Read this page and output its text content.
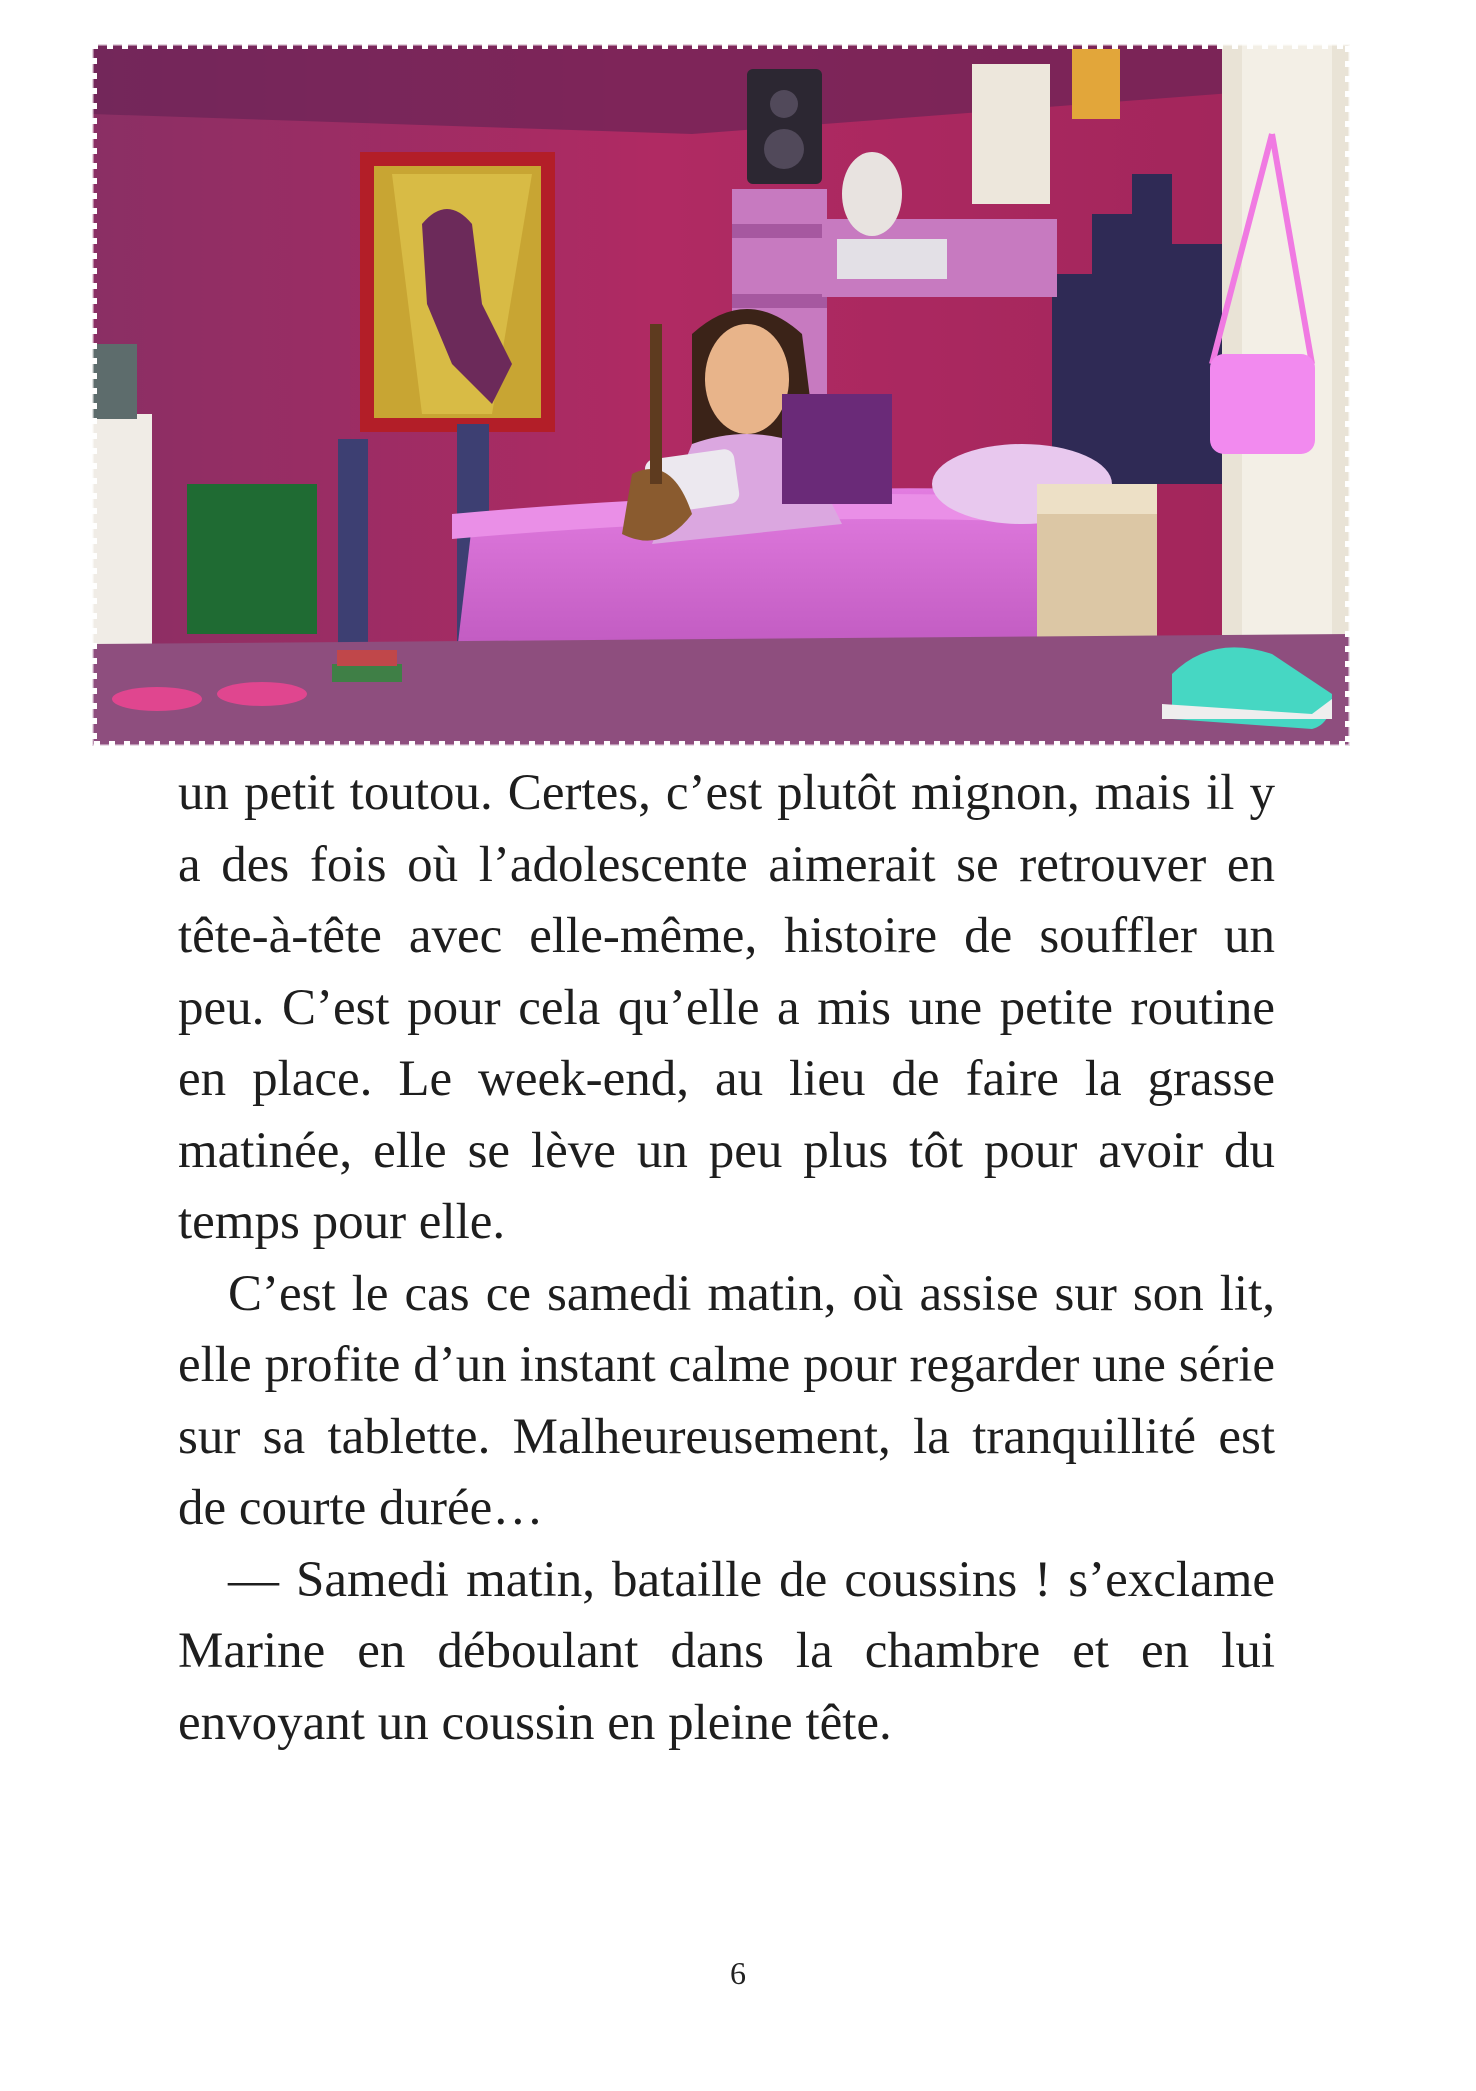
un petit toutou. Certes, c’est plutôt mignon, mais il y a des fois où l’adolescente aimerait se retrouver en tête-à-tête avec elle-même, histoire de souffler un peu. C’est pour cela qu’elle a mis une petite routine en place. Le week-end, au lieu de faire la grasse matinée, elle se lève un peu plus tôt pour avoir du temps pour elle.

C’est le cas ce samedi matin, où assise sur son lit, elle profite d’un instant calme pour regarder une série sur sa tablette. Malheureusement, la tranquillité est de courte durée…

— Samedi matin, bataille de coussins ! s’exclame Marine en déboulant dans la chambre et en lui envoyant un coussin en pleine tête.

6
